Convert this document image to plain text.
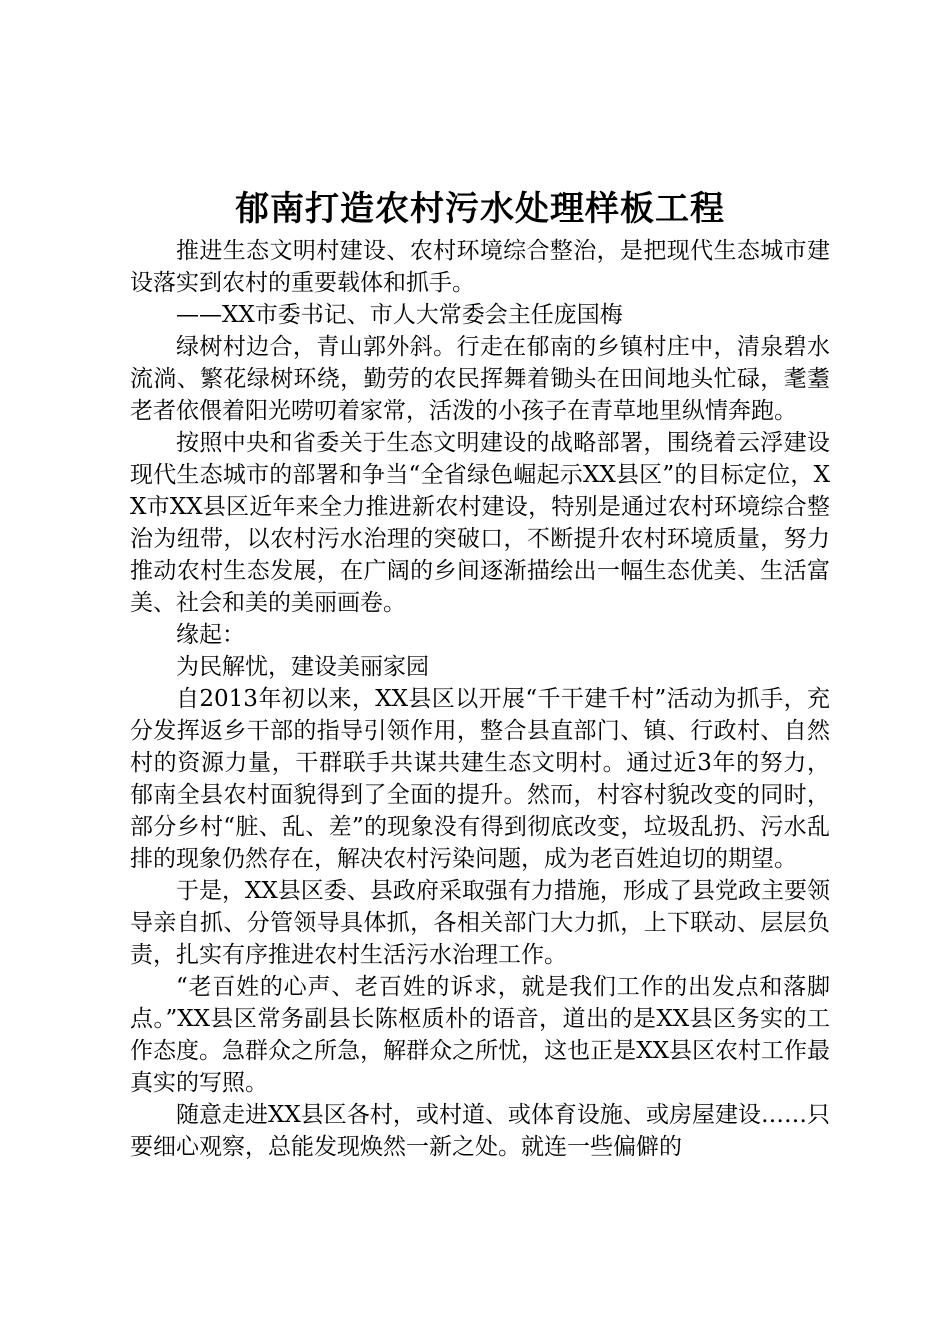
郁南打造农村污水处理样板工程

推进生态文明村建设、农村环境综合整治，是把现代生态城市建设落实到农村的重要载体和抓手。

——XX市委书记、市人大常委会主任庞国梅

绿树村边合，青山郭外斜。行走在郁南的乡镇村庄中，清泉碧水流淌、繁花绿树环绕，勤劳的农民挥舞着锄头在田间地头忙碌，耄耋老者依偎着阳光唠叨着家常，活泼的小孩子在青草地里纵情奔跑。

按照中央和省委关于生态文明建设的战略部署，围绕着云浮建设现代生态城市的部署和争当“全省绿色崛起示XX县区”的目标定位，XX市XX县区近年来全力推进新农村建设，特别是通过农村环境综合整治为纽带，以农村污水治理的突破口，不断提升农村环境质量，努力推动农村生态发展，在广阔的乡间逐渐描绘出一幅生态优美、生活富美、社会和美的美丽画卷。

缘起：

为民解忧，建设美丽家园

自2013年初以来，XX县区以开展“千干建千村”活动为抓手，充分发挥返乡干部的指导引领作用，整合县直部门、镇、行政村、自然村的资源力量，干群联手共谋共建生态文明村。通过近3年的努力，郁南全县农村面貌得到了全面的提升。然而，村容村貌改变的同时，部分乡村“脏、乱、差”的现象没有得到彻底改变，垃圾乱扔、污水乱排的现象仍然存在，解决农村污染问题，成为老百姓迫切的期望。

于是，XX县区委、县政府采取强有力措施，形成了县党政主要领导亲自抓、分管领导具体抓，各相关部门大力抓，上下联动、层层负责，扎实有序推进农村生活污水治理工作。

“老百姓的心声、老百姓的诉求，就是我们工作的出发点和落脚点。”XX县区常务副县长陈枢质朴的语音，道出的是XX县区务实的工作态度。急群众之所急，解群众之所忧，这也正是XX县区农村工作最真实的写照。

随意走进XX县区各村，或村道、或体育设施、或房屋建设……只要细心观察，总能发现焕然一新之处。就连一些偏僻的
